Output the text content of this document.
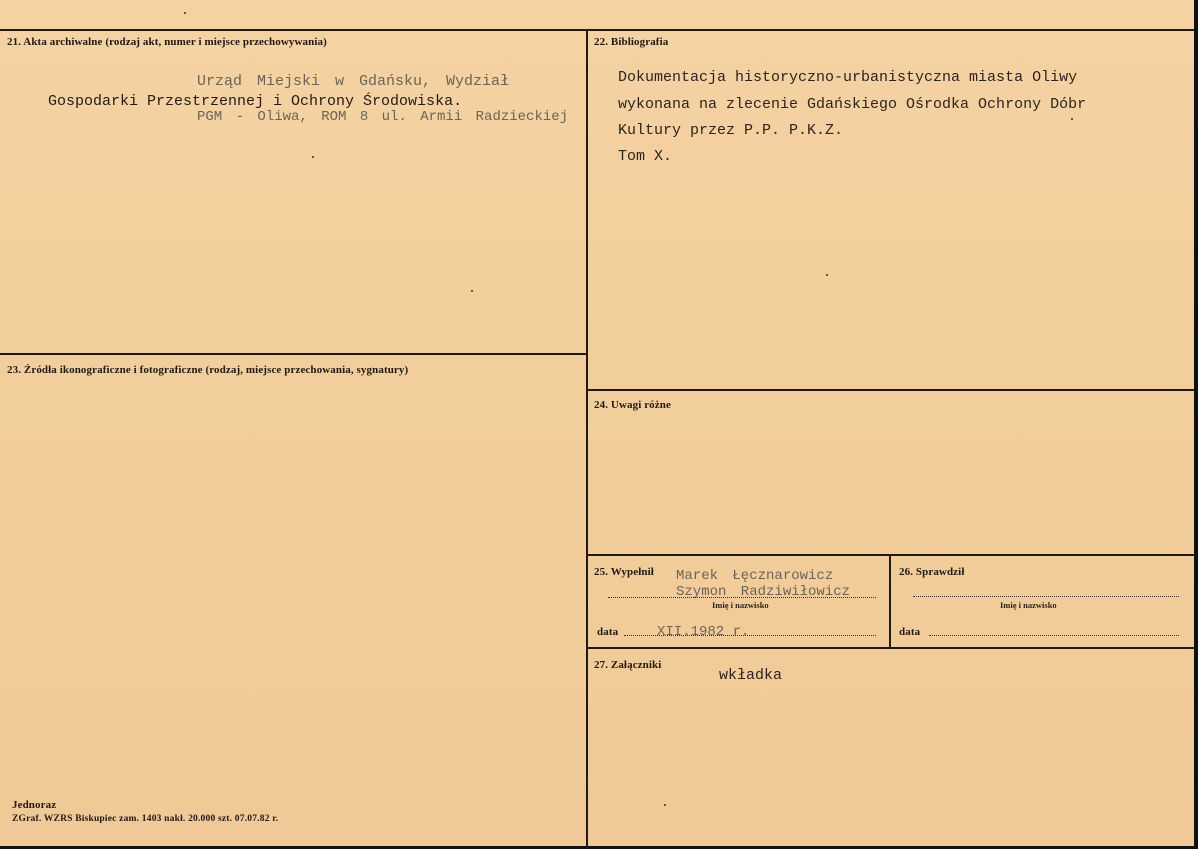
21. Akta archiwalne (rodzaj akt, numer i miejsce przechowywania)
Urząd Miejski w Gdańsku, Wydział
Gospodarki Przestrzennej i Ochrony Środowiska.
PGM - Oliwa, ROM 8 ul. Armii Radzieckiej
22. Bibliografia
Dokumentacja historyczno-urbanistyczna miasta Oliwy
wykonana na zlecenie Gdańskiego Ośrodka Ochrony Dóbr
Kultury przez P.P. P.K.Z.
Tom X.
23. Źródła ikonograficzne i fotograficzne (rodzaj, miejsce przechowania, sygnatury)
24. Uwagi różne
25. Wypełnił Marek Łęcznarowicz
Szymon Radziwiłowicz
Imię i nazwisko
data	XII.1982 r.
26. Sprawdził
Imię i nazwisko
data
27. Załączniki
wkładka
Jednoraz
ZGraf. WZRS Biskupiec zam. 1403 nakł. 20.000 szt. 07.07.82 r.
